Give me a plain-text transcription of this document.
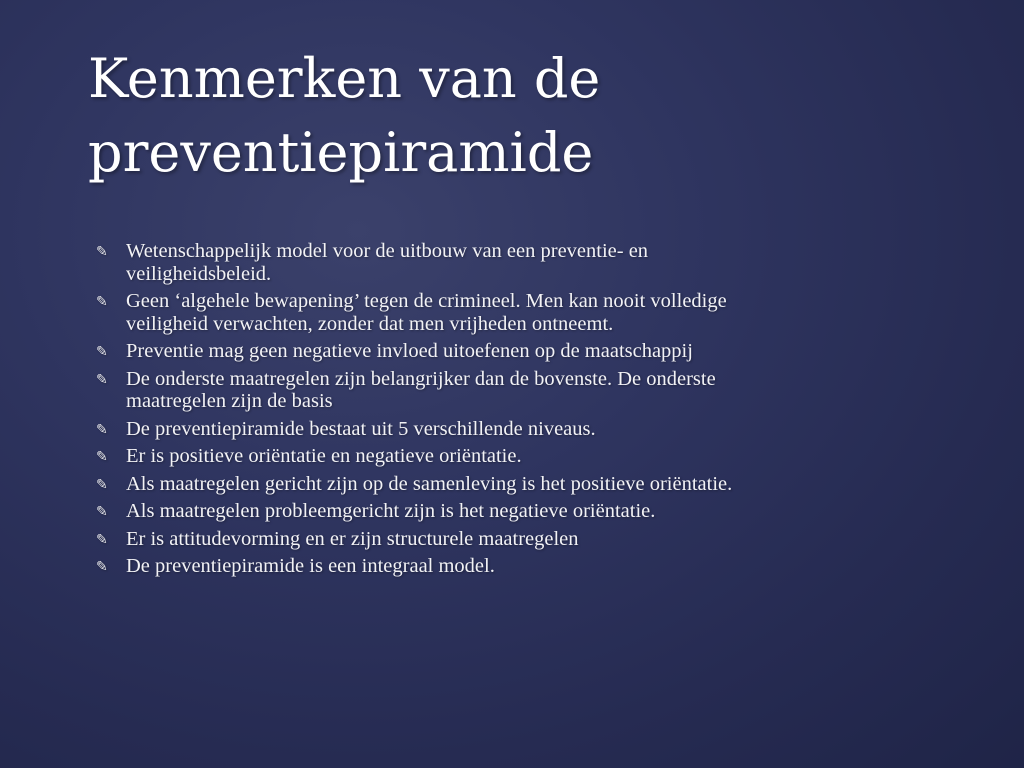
Kenmerken van de
preventiepiramide
✎ Wetenschappelijk model voor de uitbouw van een preventie- en veiligheidsbeleid.
✎ Geen ‘algehele bewapening’ tegen de crimineel. Men kan nooit volledige veiligheid verwachten, zonder dat men vrijheden ontneemt.
✎ Preventie mag geen negatieve invloed uitoefenen op de maatschappij
✎ De onderste maatregelen zijn belangrijker dan de bovenste. De onderste maatregelen zijn de basis
✎ De preventiepiramide bestaat uit 5 verschillende niveaus.
✎ Er is positieve oriëntatie en negatieve oriëntatie.
✎ Als maatregelen gericht zijn op de samenleving is het positieve oriëntatie.
✎ Als maatregelen probleemgericht zijn is het negatieve oriëntatie.
✎ Er is attitudevorming en er zijn structurele maatregelen
✎ De preventiepiramide is een integraal model.
